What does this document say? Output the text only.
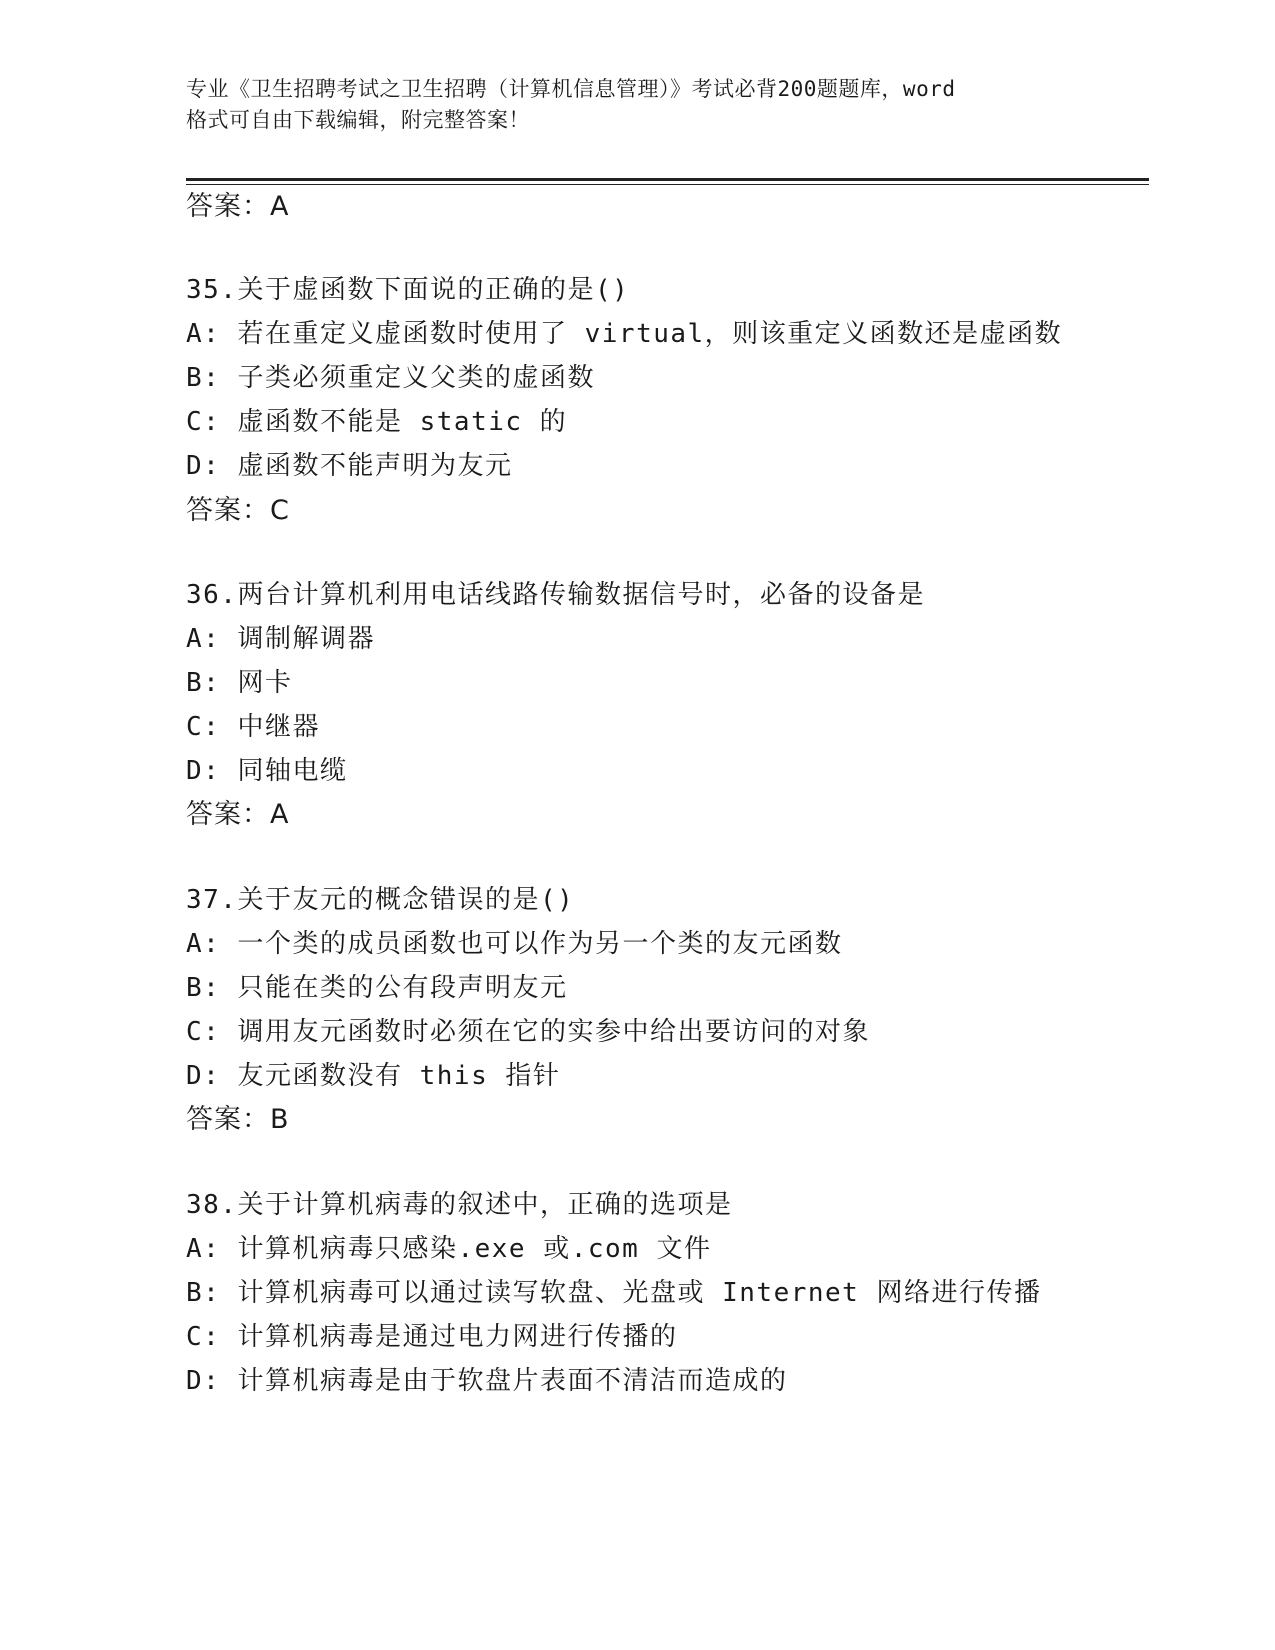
专业《卫生招聘考试之卫生招聘（计算机信息管理）》考试必背200题题库，word
格式可自由下载编辑，附完整答案！
答案：A
35.关于虚函数下面说的正确的是()
A: 若在重定义虚函数时使用了 virtual，则该重定义函数还是虚函数
B: 子类必须重定义父类的虚函数
C: 虚函数不能是 static 的
D: 虚函数不能声明为友元
答案：C
36.两台计算机利用电话线路传输数据信号时，必备的设备是
A: 调制解调器
B: 网卡
C: 中继器
D: 同轴电缆
答案：A
37.关于友元的概念错误的是()
A: 一个类的成员函数也可以作为另一个类的友元函数
B: 只能在类的公有段声明友元
C: 调用友元函数时必须在它的实参中给出要访问的对象
D: 友元函数没有 this 指针
答案：B
38.关于计算机病毒的叙述中，正确的选项是
A: 计算机病毒只感染.exe 或.com 文件
B: 计算机病毒可以通过读写软盘、光盘或 Internet 网络进行传播
C: 计算机病毒是通过电力网进行传播的
D: 计算机病毒是由于软盘片表面不清洁而造成的
